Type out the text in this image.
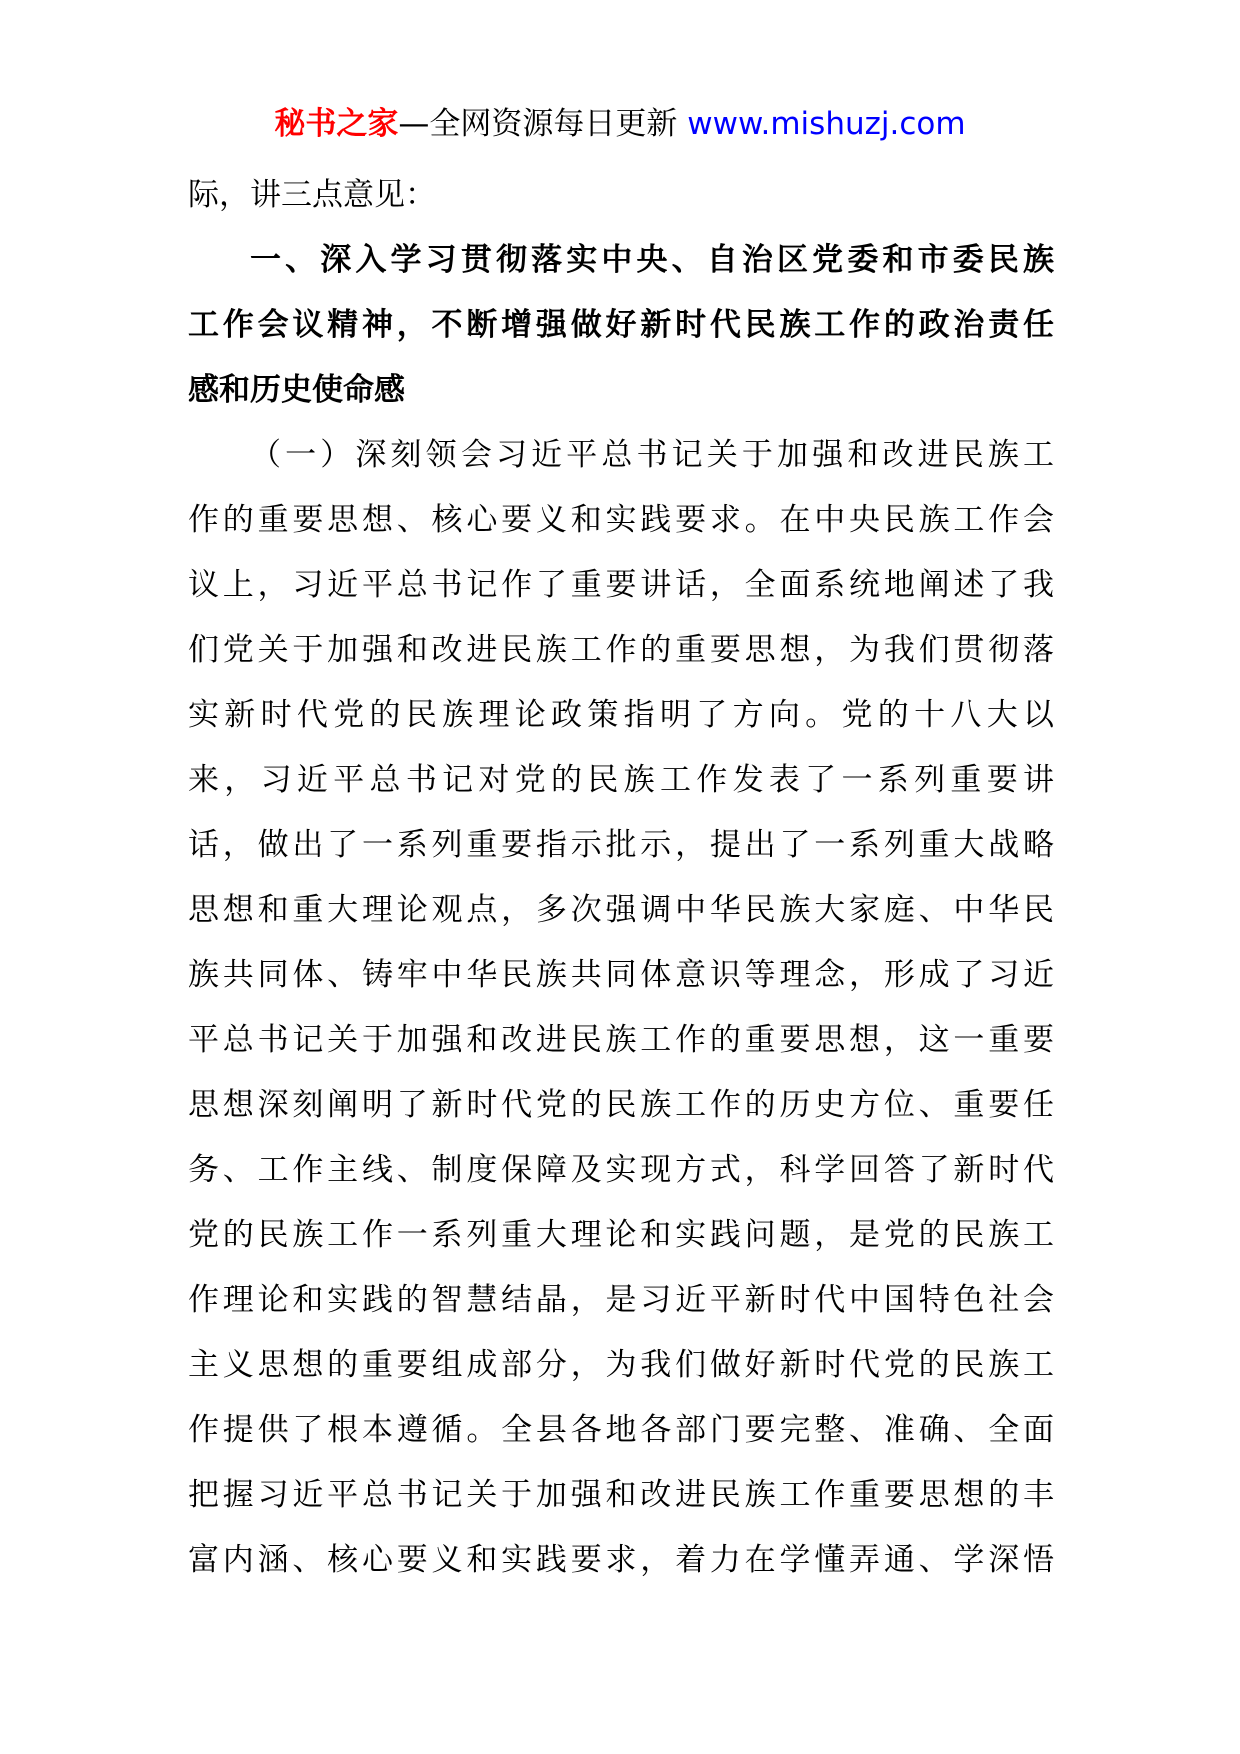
秘书之家—全网资源每日更新 www.mishuzj.com
际，讲三点意见：
一、深入学习贯彻落实中央、自治区党委和市委民族
工作会议精神，不断增强做好新时代民族工作的政治责任
感和历史使命感
（一）深刻领会习近平总书记关于加强和改进民族工
作的重要思想、核心要义和实践要求。在中央民族工作会
议上，习近平总书记作了重要讲话，全面系统地阐述了我
们党关于加强和改进民族工作的重要思想，为我们贯彻落
实新时代党的民族理论政策指明了方向。党的十八大以
来，习近平总书记对党的民族工作发表了一系列重要讲
话，做出了一系列重要指示批示，提出了一系列重大战略
思想和重大理论观点，多次强调中华民族大家庭、中华民
族共同体、铸牢中华民族共同体意识等理念，形成了习近
平总书记关于加强和改进民族工作的重要思想，这一重要
思想深刻阐明了新时代党的民族工作的历史方位、重要任
务、工作主线、制度保障及实现方式，科学回答了新时代
党的民族工作一系列重大理论和实践问题，是党的民族工
作理论和实践的智慧结晶，是习近平新时代中国特色社会
主义思想的重要组成部分，为我们做好新时代党的民族工
作提供了根本遵循。全县各地各部门要完整、准确、全面
把握习近平总书记关于加强和改进民族工作重要思想的丰
富内涵、核心要义和实践要求，着力在学懂弄通、学深悟
